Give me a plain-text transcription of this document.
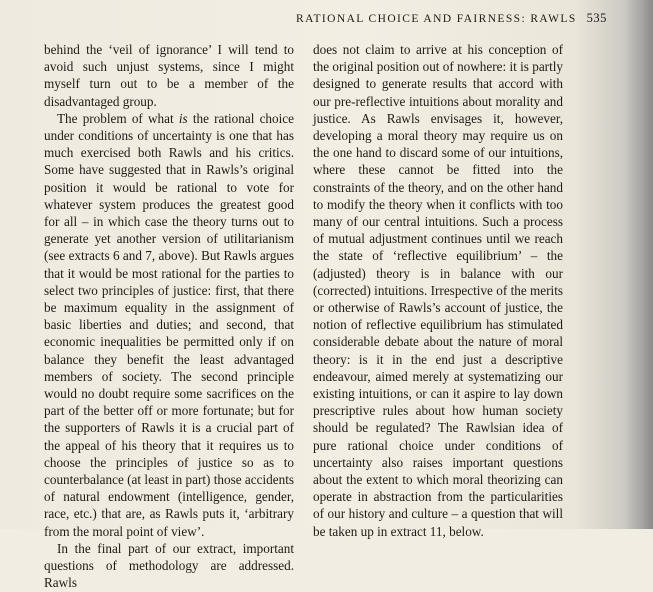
RATIONAL CHOICE AND FAIRNESS: RAWLS 535

behind the ‘veil of ignorance’ I will tend to avoid such unjust systems, since I might myself turn out to be a member of the disadvantaged group.

The problem of what is the rational choice under conditions of uncertainty is one that has much exercised both Rawls and his critics. Some have suggested that in Rawls’s original position it would be rational to vote for whatever system produces the greatest good for all – in which case the theory turns out to generate yet another version of utilitarianism (see extracts 6 and 7, above). But Rawls argues that it would be most rational for the parties to select two principles of justice: first, that there be maximum equality in the assignment of basic liberties and duties; and second, that economic inequalities be permitted only if on balance they benefit the least advantaged members of society. The second principle would no doubt require some sacrifices on the part of the better off or more fortunate; but for the supporters of Rawls it is a crucial part of the appeal of his theory that it requires us to choose the principles of justice so as to counterbalance (at least in part) those accidents of natural endowment (intelligence, gender, race, etc.) that are, as Rawls puts it, ‘arbitrary from the moral point of view’.

In the final part of our extract, important questions of methodology are addressed. Rawls

does not claim to arrive at his conception of the original position out of nowhere: it is partly designed to generate results that accord with our pre-reflective intuitions about morality and justice. As Rawls envisages it, however, developing a moral theory may require us on the one hand to discard some of our intuitions, where these cannot be fitted into the constraints of the theory, and on the other hand to modify the theory when it conflicts with too many of our central intuitions. Such a process of mutual adjustment continues until we reach the state of ‘reflective equilibrium’ – the (adjusted) theory is in balance with our (corrected) intuitions. Irrespective of the merits or otherwise of Rawls’s account of justice, the notion of reflective equilibrium has stimulated considerable debate about the nature of moral theory: is it in the end just a descriptive endeavour, aimed merely at systematizing our existing intuitions, or can it aspire to lay down prescriptive rules about how human society should be regulated? The Rawlsian idea of pure rational choice under conditions of uncertainty also raises important questions about the extent to which moral theorizing can operate in abstraction from the particularities of our history and culture – a question that will be taken up in extract 11, below.
